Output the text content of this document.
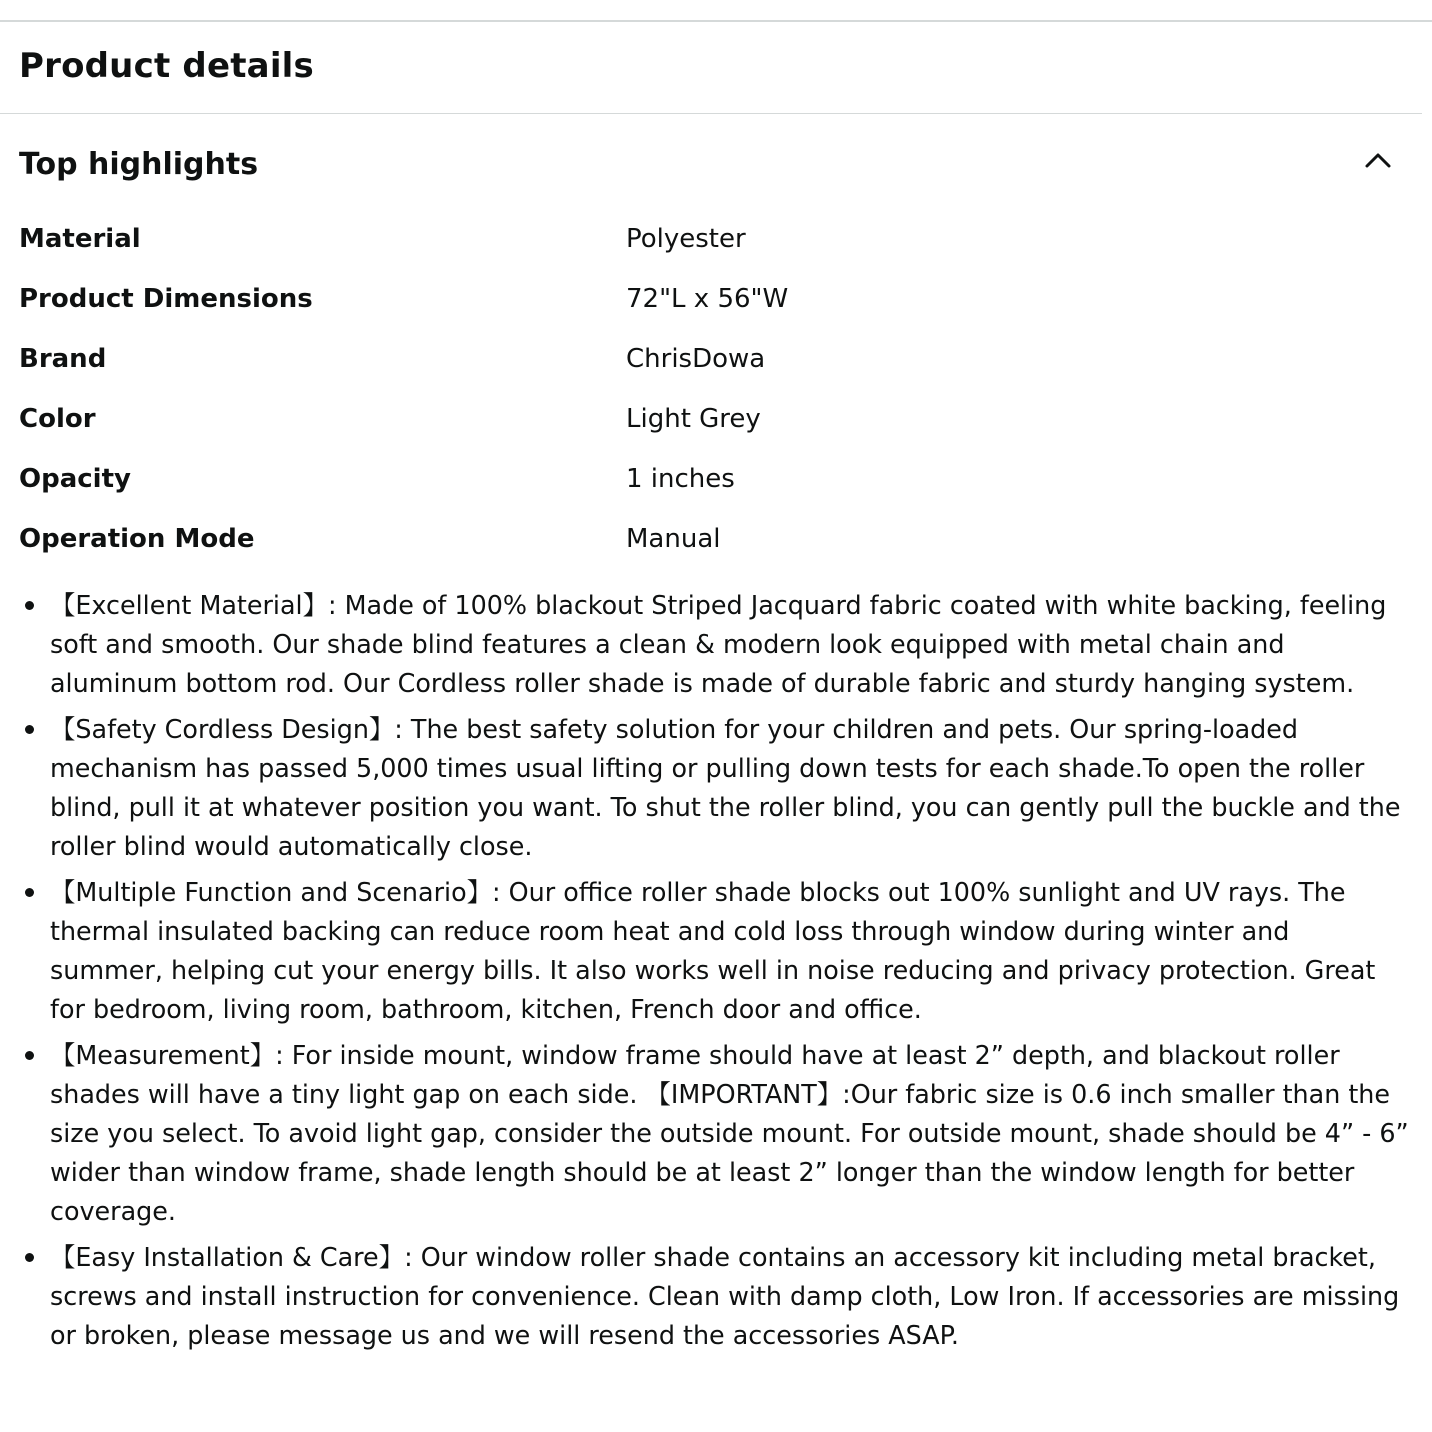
Product details
Top highlights
Material	Polyester
Product Dimensions	72"L x 56"W
Brand	ChrisDowa
Color	Light Grey
Opacity	1 inches
Operation Mode	Manual
【Excellent Material】: Made of 100% blackout Striped Jacquard fabric coated with white backing, feeling soft and smooth. Our shade blind features a clean & modern look equipped with metal chain and aluminum bottom rod. Our Cordless roller shade is made of durable fabric and sturdy hanging system.
【Safety Cordless Design】: The best safety solution for your children and pets. Our spring-loaded mechanism has passed 5,000 times usual lifting or pulling down tests for each shade.To open the roller blind, pull it at whatever position you want. To shut the roller blind, you can gently pull the buckle and the roller blind would automatically close.
【Multiple Function and Scenario】: Our office roller shade blocks out 100% sunlight and UV rays. The thermal insulated backing can reduce room heat and cold loss through window during winter and summer, helping cut your energy bills. It also works well in noise reducing and privacy protection. Great for bedroom, living room, bathroom, kitchen, French door and office.
【Measurement】: For inside mount, window frame should have at least 2” depth, and blackout roller shades will have a tiny light gap on each side. 【IMPORTANT】:Our fabric size is 0.6 inch smaller than the size you select. To avoid light gap, consider the outside mount. For outside mount, shade should be 4” - 6” wider than window frame, shade length should be at least 2” longer than the window length for better coverage.
【Easy Installation & Care】: Our window roller shade contains an accessory kit including metal bracket, screws and install instruction for convenience. Clean with damp cloth, Low Iron. If accessories are missing or broken, please message us and we will resend the accessories ASAP.
